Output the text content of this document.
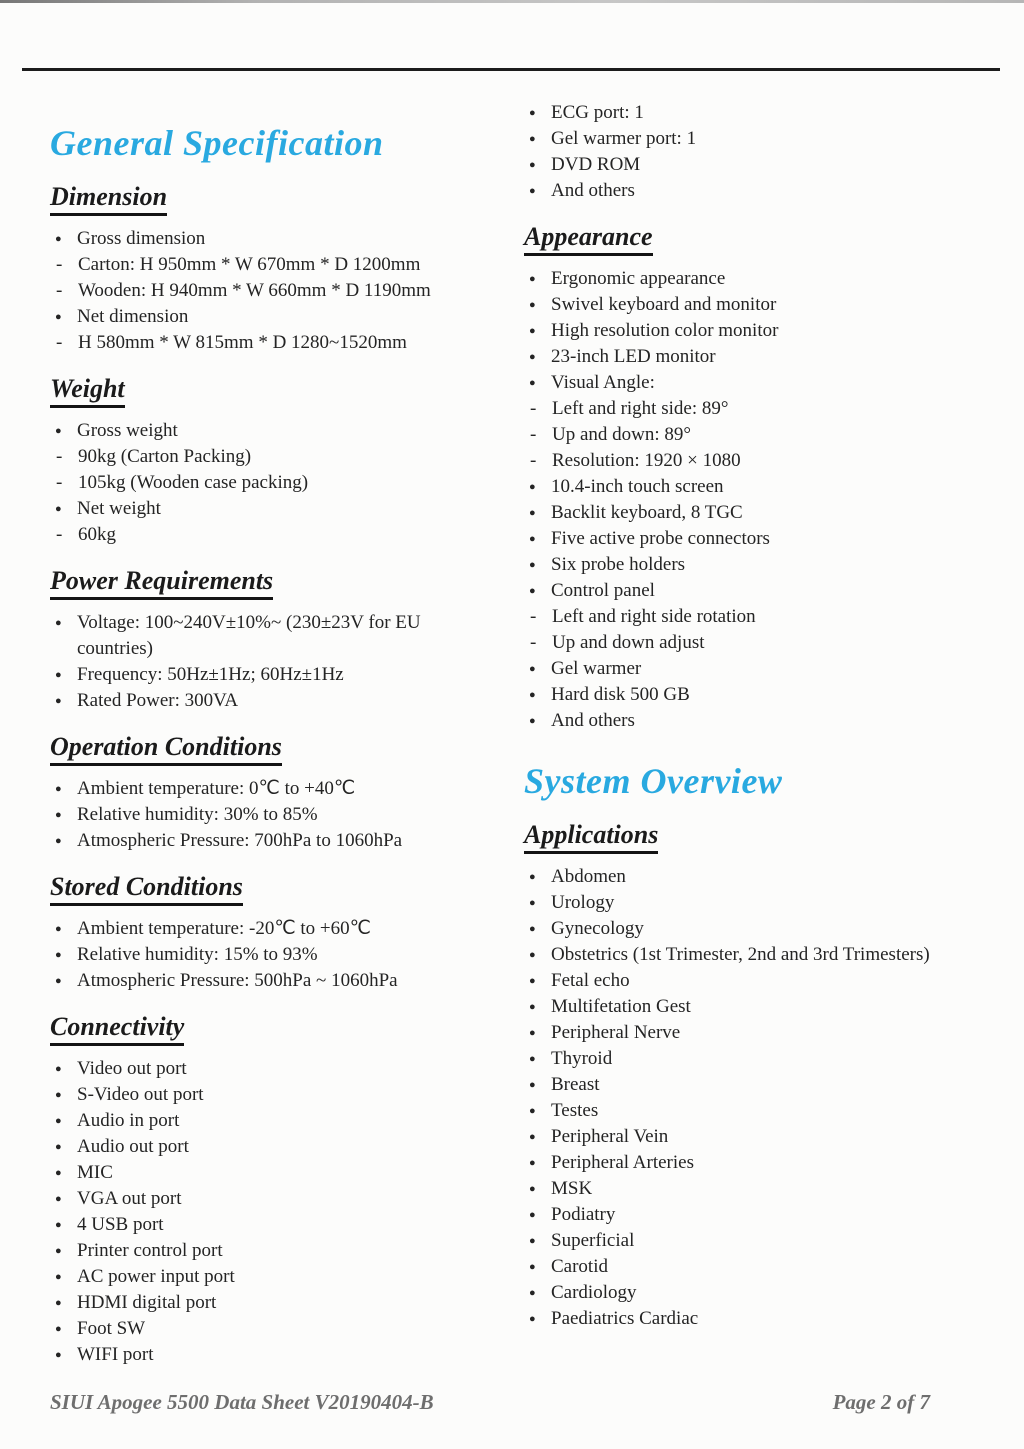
General Specification
Dimension
● Gross dimension
- Carton: H 950mm * W 670mm * D 1200mm
- Wooden: H 940mm * W 660mm * D 1190mm
● Net dimension
- H 580mm * W 815mm * D 1280~1520mm
Weight
● Gross weight
- 90kg (Carton Packing)
- 105kg (Wooden case packing)
● Net weight
- 60kg
Power Requirements
● Voltage: 100~240V±10%~ (230±23V for EU countries)
● Frequency: 50Hz±1Hz; 60Hz±1Hz
● Rated Power: 300VA
Operation Conditions
● Ambient temperature: 0℃ to +40℃
● Relative humidity: 30% to 85%
● Atmospheric Pressure: 700hPa to 1060hPa
Stored Conditions
● Ambient temperature: -20℃ to +60℃
● Relative humidity: 15% to 93%
● Atmospheric Pressure: 500hPa ~ 1060hPa
Connectivity
● Video out port
● S-Video out port
● Audio in port
● Audio out port
● MIC
● VGA out port
● 4 USB port
● Printer control port
● AC power input port
● HDMI digital port
● Foot SW
● WIFI port
● ECG port: 1
● Gel warmer port: 1
● DVD ROM
● And others
Appearance
● Ergonomic appearance
● Swivel keyboard and monitor
● High resolution color monitor
● 23-inch LED monitor
● Visual Angle:
- Left and right side: 89°
- Up and down: 89°
- Resolution: 1920 × 1080
● 10.4-inch touch screen
● Backlit keyboard, 8 TGC
● Five active probe connectors
● Six probe holders
● Control panel
- Left and right side rotation
- Up and down adjust
● Gel warmer
● Hard disk 500 GB
● And others
System Overview
Applications
● Abdomen
● Urology
● Gynecology
● Obstetrics (1st Trimester, 2nd and 3rd Trimesters)
● Fetal echo
● Multifetation Gest
● Peripheral Nerve
● Thyroid
● Breast
● Testes
● Peripheral Vein
● Peripheral Arteries
● MSK
● Podiatry
● Superficial
● Carotid
● Cardiology
● Paediatrics Cardiac
SIUI Apogee 5500 Data Sheet V20190404-B	Page 2 of 7
